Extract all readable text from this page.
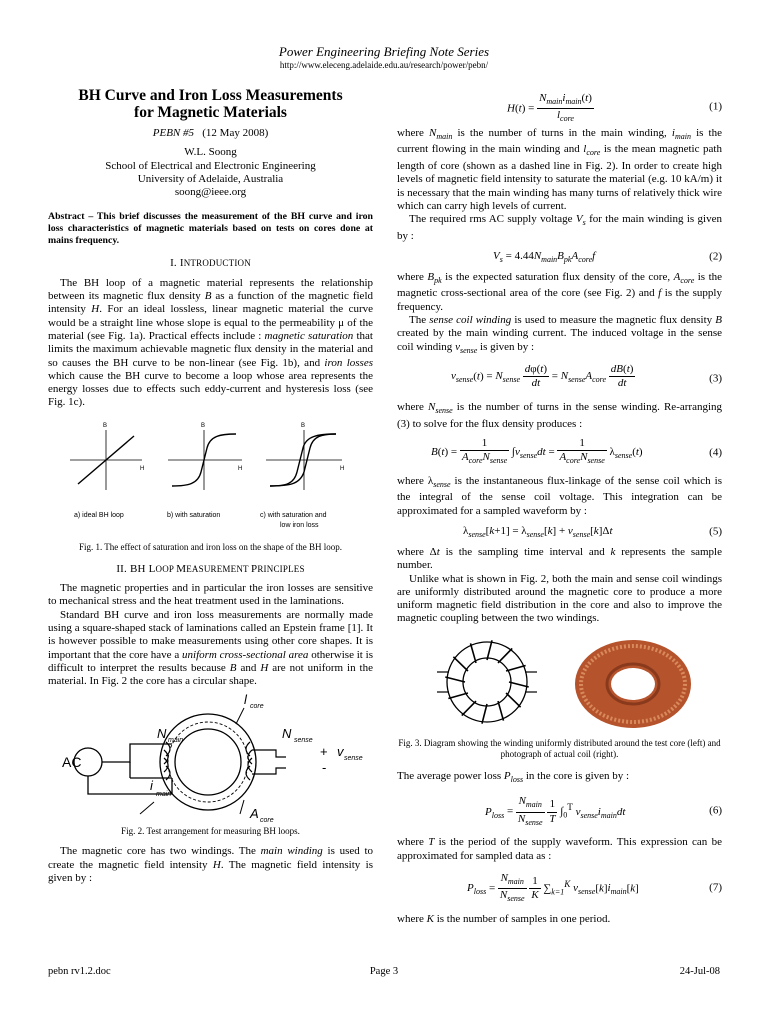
Power Engineering Briefing Note Series
http://www.eleceng.adelaide.edu.au/research/power/pebn/
BH Curve and Iron Loss Measurements
for Magnetic Materials

PEBN #5 (12 May 2008)

W.L. Soong

School of Electrical and Electronic Engineering

University of Adelaide, Australia

soong@ieee.org

Abstract – This brief discusses the measurement of the BH curve and iron loss characteristics of magnetic materials based on tests on cores done at mains frequency.

I. INTRODUCTION

The BH loop of a magnetic material represents the relationship between its magnetic flux density B as a function of the magnetic field intensity H. For an ideal lossless, linear magnetic material the curve would be a straight line whose slope is equal to the permeability μ of the material (see Fig. 1a). Practical effects include : magnetic saturation that limits the maximum achievable magnetic flux density in the material and so causes the BH curve to be non-linear (see Fig. 1b), and iron losses which cause the BH curve to become a loop whose area represents the energy losses due to effects such eddy-current and hysteresis loss (see Fig. 1c).

B
H
B
H
B
H
a) ideal BH loop	b) with saturation	c) with saturation and
low iron loss

Fig. 1. The effect of saturation and iron loss on the shape of the BH loop.

II. BH LOOP MEASUREMENT PRINCIPLES

The magnetic properties and in particular the iron losses are sensitive to mechanical stress and the heat treatment used in the laminations.

Standard BH curve and iron loss measurements are normally made using a square-shaped stack of laminations called an Epstein frame [1]. It is however possible to make measurements using other core shapes. It is important that the core have a uniform cross-sectional area otherwise it is difficult to interpret the results because B and H are not uniform in the material. In Fig. 2 the core has a circular shape.

AC
N main	N sense
i
main
l core
A core
+
-
v sense

Fig. 2. Test arrangement for measuring BH loops.

The magnetic core has two windings. The main winding is used to create the magnetic field intensity H. The magnetic field intensity is given by :

$H(t) = \frac{N_{main}i_{main}(t)}{l_{core}}$	(1)

where $N_{main}$ is the number of turns in the main winding, $i_{main}$ is the current flowing in the main winding and $l_{core}$ is the mean magnetic path length of core (shown as a dashed line in Fig. 2). In order to create high levels of magnetic field intensity to saturate the material (e.g. 10 kA/m) it is necessary that the main winding has many turns of relatively thick wire which can carry high levels of current.

The required rms AC supply voltage $V_s$ for the main winding is given by :

$V_s = 4.44N_{main}B_{pk}A_{core}f$	(2)

where $B_{pk}$ is the expected saturation flux density of the core, $A_{core}$ is the magnetic cross-sectional area of the core (see Fig. 2) and f is the supply frequency.

The sense coil winding is used to measure the magnetic flux density B created by the main winding current. The induced voltage in the sense coil winding $v_{sense}$ is given by :

$v_{sense}(t) = N_{sense} \frac{d\varphi(t)}{dt} = N_{sense}A_{core} \frac{dB(t)}{dt}$	(3)

where $N_{sense}$ is the number of turns in the sense winding. Re-arranging (3) to solve for the flux density produces :

$B(t) = \frac{1}{A_{core}N_{sense}} \int v_{sense}dt = \frac{1}{A_{core}N_{sense}} \lambda_{sense}(t)$	(4)

where $\lambda_{sense}$ is the instantaneous flux-linkage of the sense coil which is the integral of the sense coil voltage. This integration can be approximated for a sampled waveform by :

$\lambda_{sense}[k+1] = \lambda_{sense}[k] + v_{sense}[k]\Delta t$	(5)

where Δt is the sampling time interval and k represents the sample number.

Unlike what is shown in Fig. 2, both the main and sense coil windings are uniformly distributed around the magnetic core to produce a more uniform magnetic field distribution in the core and also to improve the magnetic coupling between the two windings.

Fig. 3. Diagram showing the winding uniformly distributed around the test core (left) and photograph of actual coil (right).

The average power loss $P_{loss}$ in the core is given by :

$P_{loss} = \frac{N_{main}}{N_{sense}}$
$\frac{1}{T} \int_0^T$ $v_{sense}i_{main}dt$	(6)

where T is the period of the supply waveform. This expression can be approximated for sampled data as :

$P_{loss} = \frac{N_{main}}{N_{sense}}$
$\frac{1}{K} \sum_{k=1}^K$ $v_{sense}[k]i_{main}[k]$	(7)

where K is the number of samples in one period.

pebn rv1.2.doc	Page 3	24-Jul-08
